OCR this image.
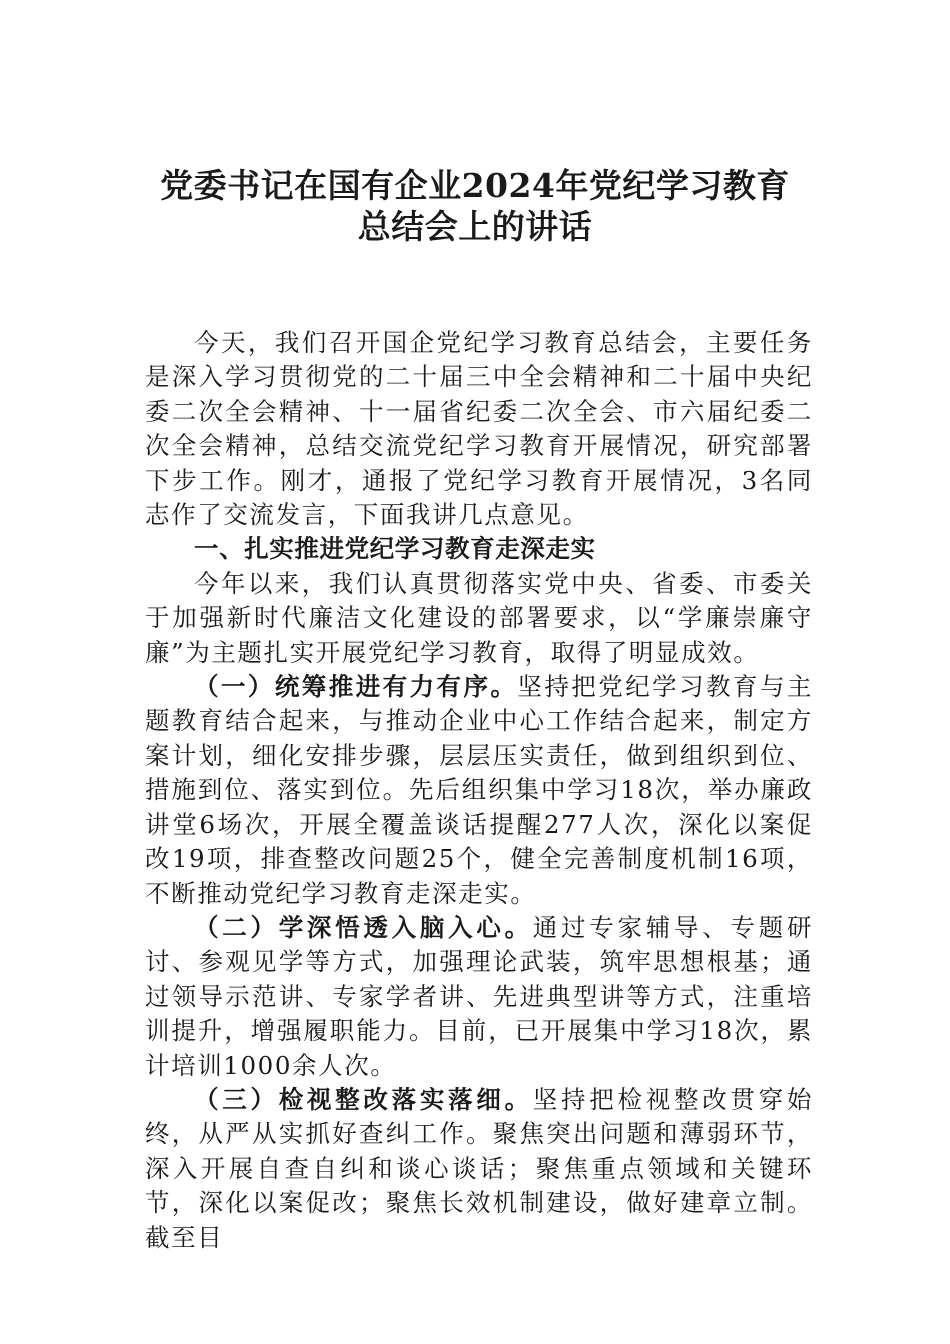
党委书记在国有企业2024年党纪学习教育
总结会上的讲话

今天，我们召开国企党纪学习教育总结会，主要任务是深入学习贯彻党的二十届三中全会精神和二十届中央纪委二次全会精神、十一届省纪委二次全会、市六届纪委二次全会精神，总结交流党纪学习教育开展情况，研究部署下步工作。刚才，通报了党纪学习教育开展情况，3名同志作了交流发言，下面我讲几点意见。

一、扎实推进党纪学习教育走深走实

今年以来，我们认真贯彻落实党中央、省委、市委关于加强新时代廉洁文化建设的部署要求，以“学廉崇廉守廉”为主题扎实开展党纪学习教育，取得了明显成效。

（一）统筹推进有力有序。坚持把党纪学习教育与主题教育结合起来，与推动企业中心工作结合起来，制定方案计划，细化安排步骤，层层压实责任，做到组织到位、措施到位、落实到位。先后组织集中学习18次，举办廉政讲堂6场次，开展全覆盖谈话提醒277人次，深化以案促改19项，排查整改问题25个，健全完善制度机制16项，不断推动党纪学习教育走深走实。

（二）学深悟透入脑入心。通过专家辅导、专题研讨、参观见学等方式，加强理论武装，筑牢思想根基；通过领导示范讲、专家学者讲、先进典型讲等方式，注重培训提升，增强履职能力。目前，已开展集中学习18次，累计培训1000余人次。

（三）检视整改落实落细。坚持把检视整改贯穿始终，从严从实抓好查纠工作。聚焦突出问题和薄弱环节，深入开展自查自纠和谈心谈话；聚焦重点领域和关键环节，深化以案促改；聚焦长效机制建设，做好建章立制。截至目
